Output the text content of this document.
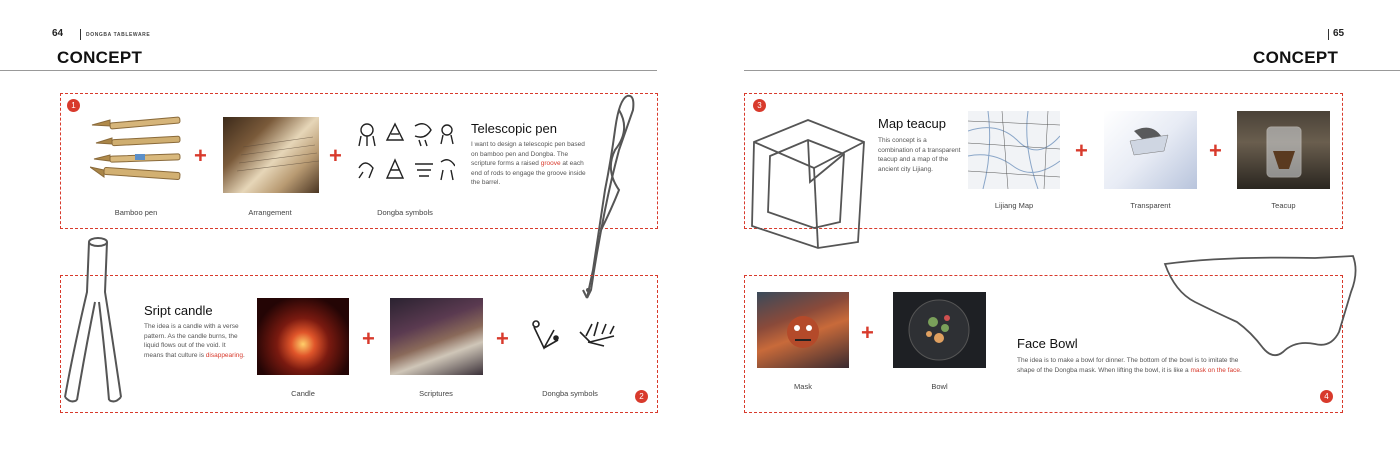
64	DONGBA TABLEWARE
CONCEPT
65
CONCEPT
1
+	+
Bamboo pen	Arrangement	Dongba symbols
Telescopic pen
I want to design a telescopic pen based on bamboo pen and Dongba. The scripture forms a raised groove at each end of rods to engage the groove inside the barrel.
2
Sript candle
The idea is a candle with a verse pattern. As the candle burns, the liquid flows out of the void. It means that culture is disappearing.
+	+
Candle	Scriptures	Dongba symbols
3
Map teacup
This concept is a combination of a transparent teacup and a map of the ancient city Lijiang.
+	+
Lijiang Map	Transparent	Teacup
4
+
Mask	Bowl
Face Bowl
The idea is to make a bowl for dinner. The bottom of the bowl is to imitate the shape of the Dongba mask. When lifting the bowl, it is like a mask on the face.
